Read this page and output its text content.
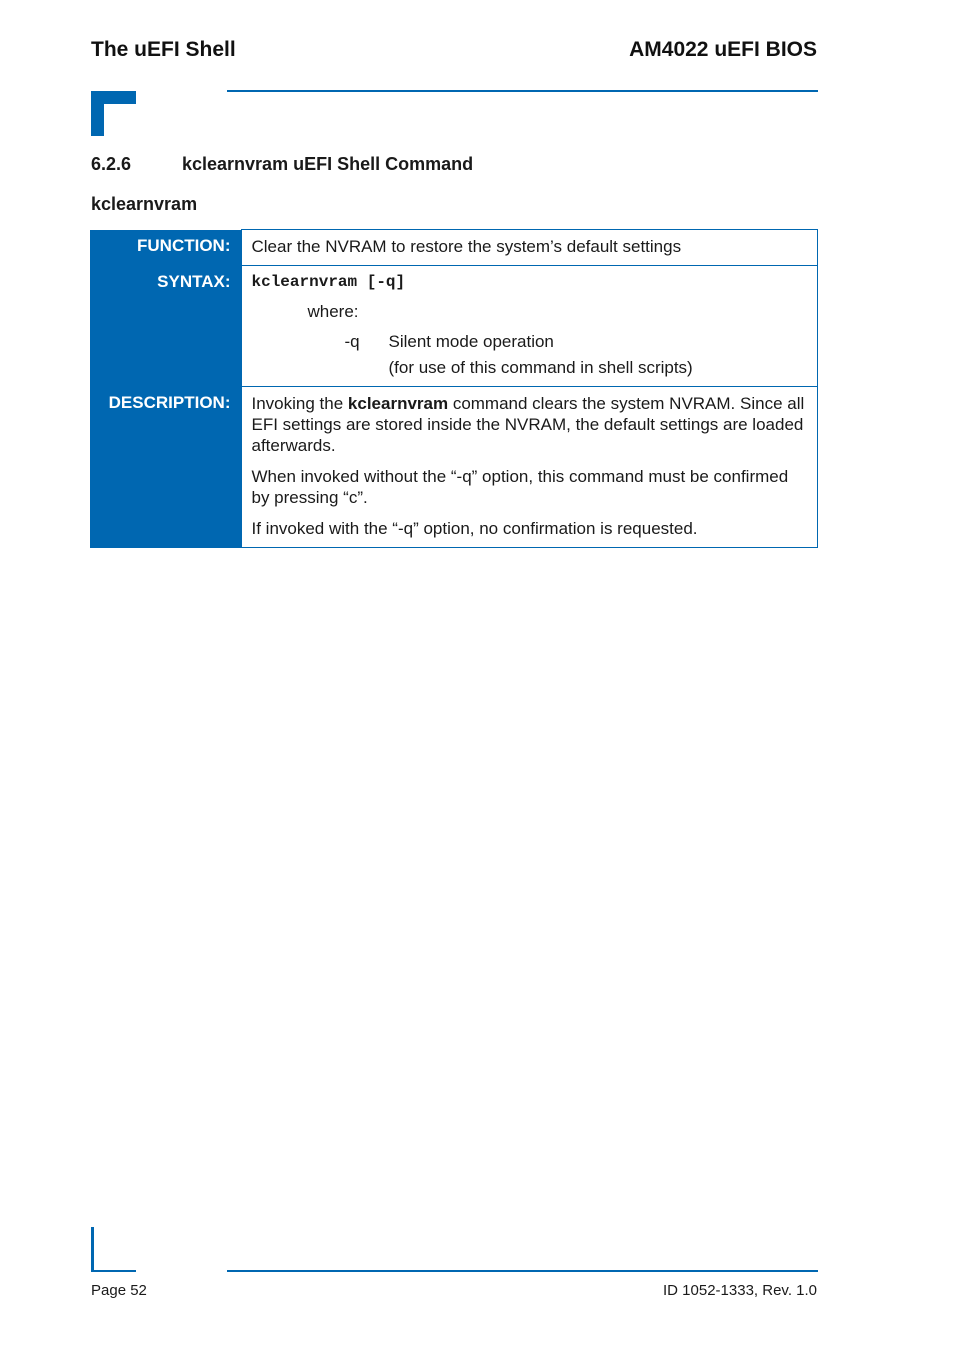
The uEFI Shell	AM4022 uEFI BIOS
6.2.6	kclearnvram uEFI Shell Command
kclearnvram
FUNCTION:	Clear the NVRAM to restore the system’s default settings
SYNTAX:	kclearnvram [-q]
where:
-q Silent mode operation
(for use of this command in shell scripts)

DESCRIPTION:	Invoking the kclearnvram command clears the system NVRAM. Since all EFI settings are stored inside the NVRAM, the default settings are loaded afterwards.

When invoked without the “-q” option, this command must be confirmed by pressing “c”.

If invoked with the “-q” option, no confirmation is requested.

Page 52	ID 1052-1333, Rev. 1.0
